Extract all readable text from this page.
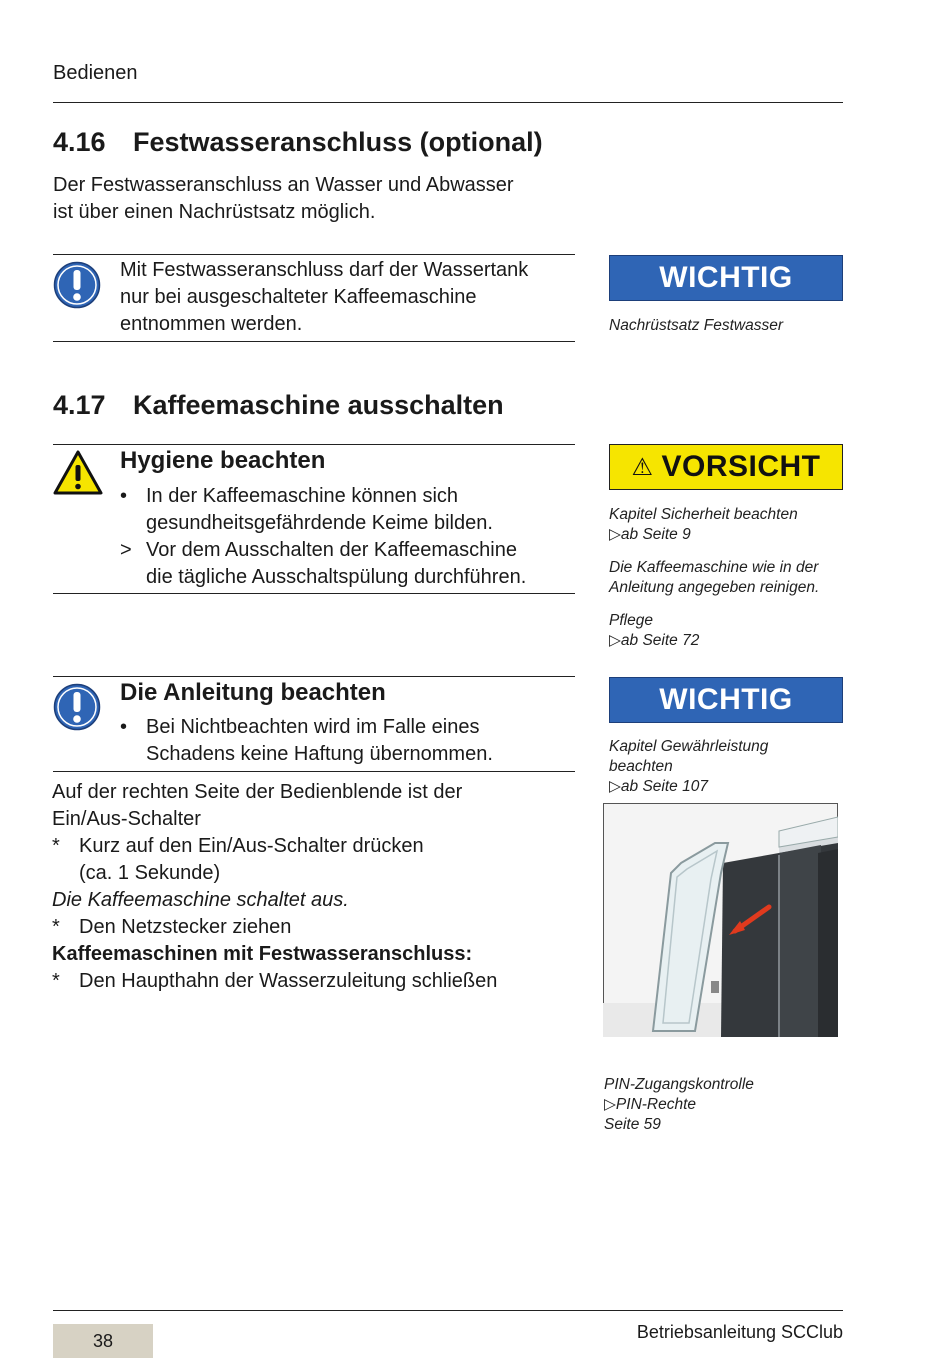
Bedienen
4.16 Festwasseranschluss (optional)
Der Festwasseranschluss an Wasser und Abwasser
ist über einen Nachrüstsatz möglich.
Mit Festwasseranschluss darf der Wassertank
nur bei ausgeschalteter Kaffeemaschine
entnommen werden.
WICHTIG
Nachrüstsatz Festwasser
4.17 Kaffeemaschine ausschalten
Hygiene beachten
• In der Kaffeemaschine können sich
gesundheitsgefährdende Keime bilden.
> Vor dem Ausschalten der Kaffeemaschine
die tägliche Ausschaltspülung durchführen.
⚠ VORSICHT

Kapitel Sicherheit beachten
▷ab Seite 9

Die Kaffeemaschine wie in der
Anleitung angegeben reinigen.

Pflege
▷ab Seite 72

Die Anleitung beachten
• Bei Nichtbeachten wird im Falle eines
Schadens keine Haftung übernommen.
WICHTIG
Kapitel Gewährleistung
beachten
▷ab Seite 107
Auf der rechten Seite der Bedienblende ist der
Ein/Aus-Schalter
* Kurz auf den Ein/Aus-Schalter drücken
(ca. 1 Sekunde)
Die Kaffeemaschine schaltet aus.
* Den Netzstecker ziehen
Kaffeemaschinen mit Festwasseranschluss:
* Den Haupthahn der Wasserzuleitung schließen
PIN-Zugangskontrolle
▷PIN-Rechte
Seite 59
38	Betriebsanleitung SCClub
